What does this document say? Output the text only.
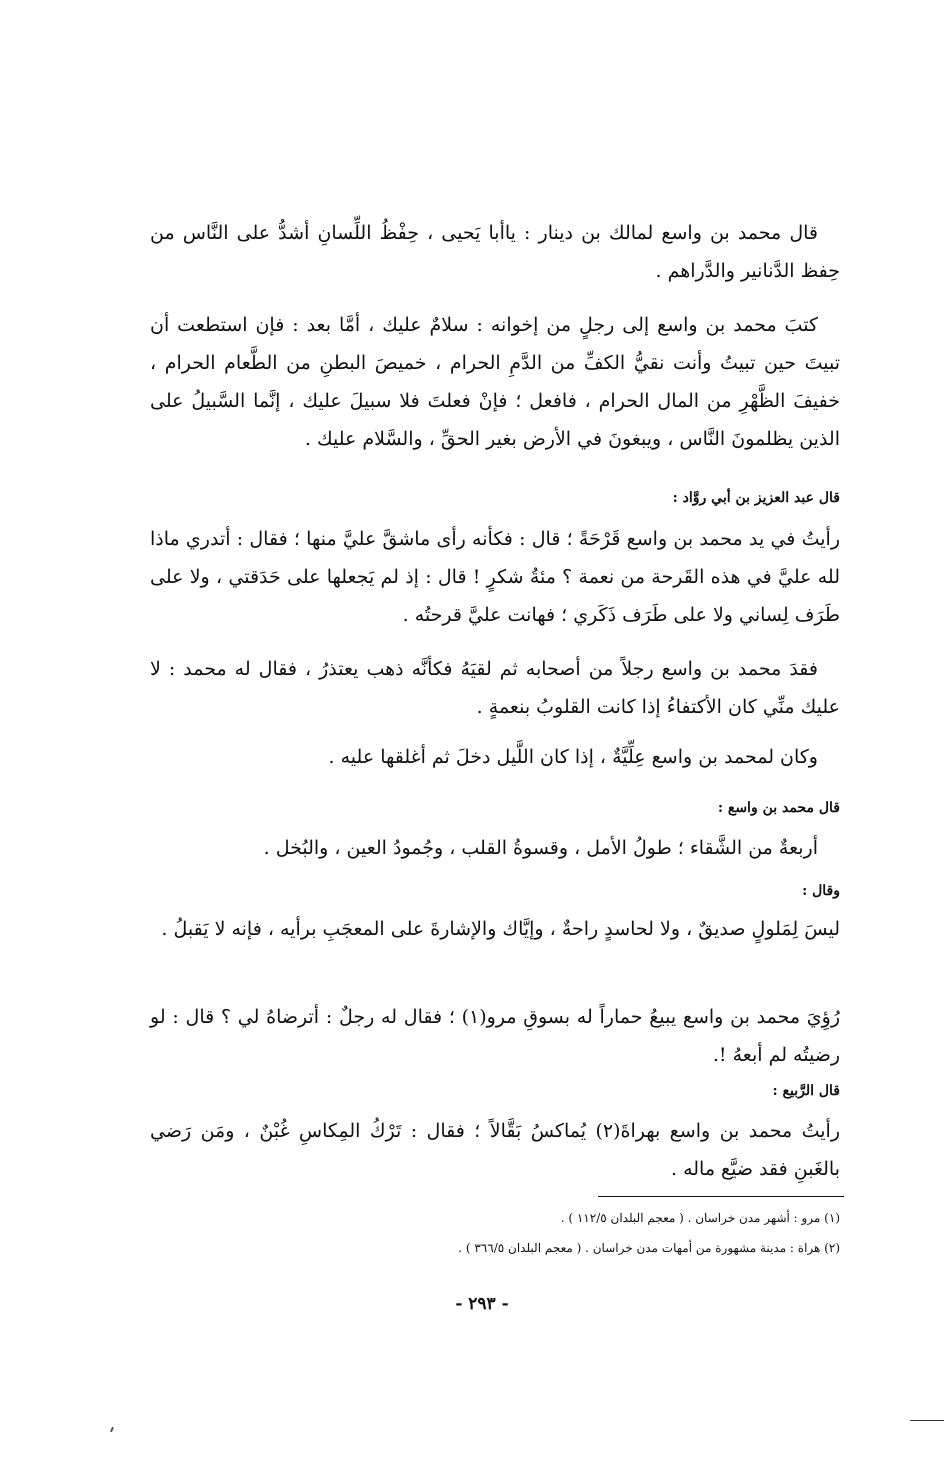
قال محمد بن واسع لمالك بن دينار : ياأبا يَحيى ، حِفْظُ اللِّسانِ أشدُّ على النَّاس من حِفظ الدَّنانير والدَّراهم .

كتبَ محمد بن واسع إلى رجلٍ من إخوانه : سلامٌ عليك ، أمَّا بعد : فإن استطعت أن تبيتَ حين تبيتُ وأنت نقيُّ الكفِّ من الدَّمِ الحرام ، خميصَ البطنِ من الطَّعام الحرام ، خفيفَ الظَّهْرِ من المال الحرام ، فافعل ؛ فإنْ فعلتَ فلا سبيلَ عليك ، إنَّما السَّبيلُ على الذين يظلمونَ النَّاس ، ويبغونَ في الأرض بغير الحقِّ ، والسَّلام عليك .

قال عبد العزيز بن أبي روَّاد :

رأيتُ في يد محمد بن واسع قَرْحَةً ؛ قال : فكأنه رأى ماشقَّ عليَّ منها ؛ فقال : أتدري ماذا لله عليَّ في هذه القَرحة من نعمة ؟ مئةُ شكرٍ ! قال : إذ لم يَجعلها على حَدَقتي ، ولا على طَرَف لِساني ولا على طَرَف ذَكَري ؛ فهانت عليَّ قرحتُه .

فقدَ محمد بن واسع رجلاً من أصحابه ثم لقيَهُ فكأنَّه ذهب يعتذرُ ، فقال له محمد : لا عليك منِّي كان الأكتفاءُ إذا كانت القلوبُ بنعمةٍ .

وكان لمحمد بن واسع عِلِّيَّةٌ ، إذا كان اللَّيل دخلَ ثم أغلقها عليه .

قال محمد بن واسع :

أربعةٌ من الشَّقاء ؛ طولُ الأمل ، وقسوةُ القلب ، وجُمودُ العين ، والبُخل .

وقال :

ليسَ لِمَلولٍ صديقٌ ، ولا لحاسدٍ راحةٌ ، وإيَّاك والإشارةَ على المعجَبِ برأيه ، فإنه لا يَقبلُ .

رُؤِيَ محمد بن واسع يبيعُ حماراً له بسوقِ مرو(١) ؛ فقال له رجلٌ : أترضاهُ لي ؟ قال : لو رضيتُه لم أبعهُ !.

قال الرَّبيع :

رأيتُ محمد بن واسع بهراةَ(٢) يُماكسُ بَقَّالاً ؛ فقال : تَرْكُ المِكاسِ غُبْنٌ ، ومَن رَضي بالغَبنِ فقد ضيَّع ماله .

(١) مرو : أشهر مدن خراسان . ( معجم البلدان ١١٢/٥ ) .

(٢) هراة : مدينة مشهورة من أمهات مدن خراسان . ( معجم البلدان ٣٦٦/٥ ) .

- ٢٩٣ -
